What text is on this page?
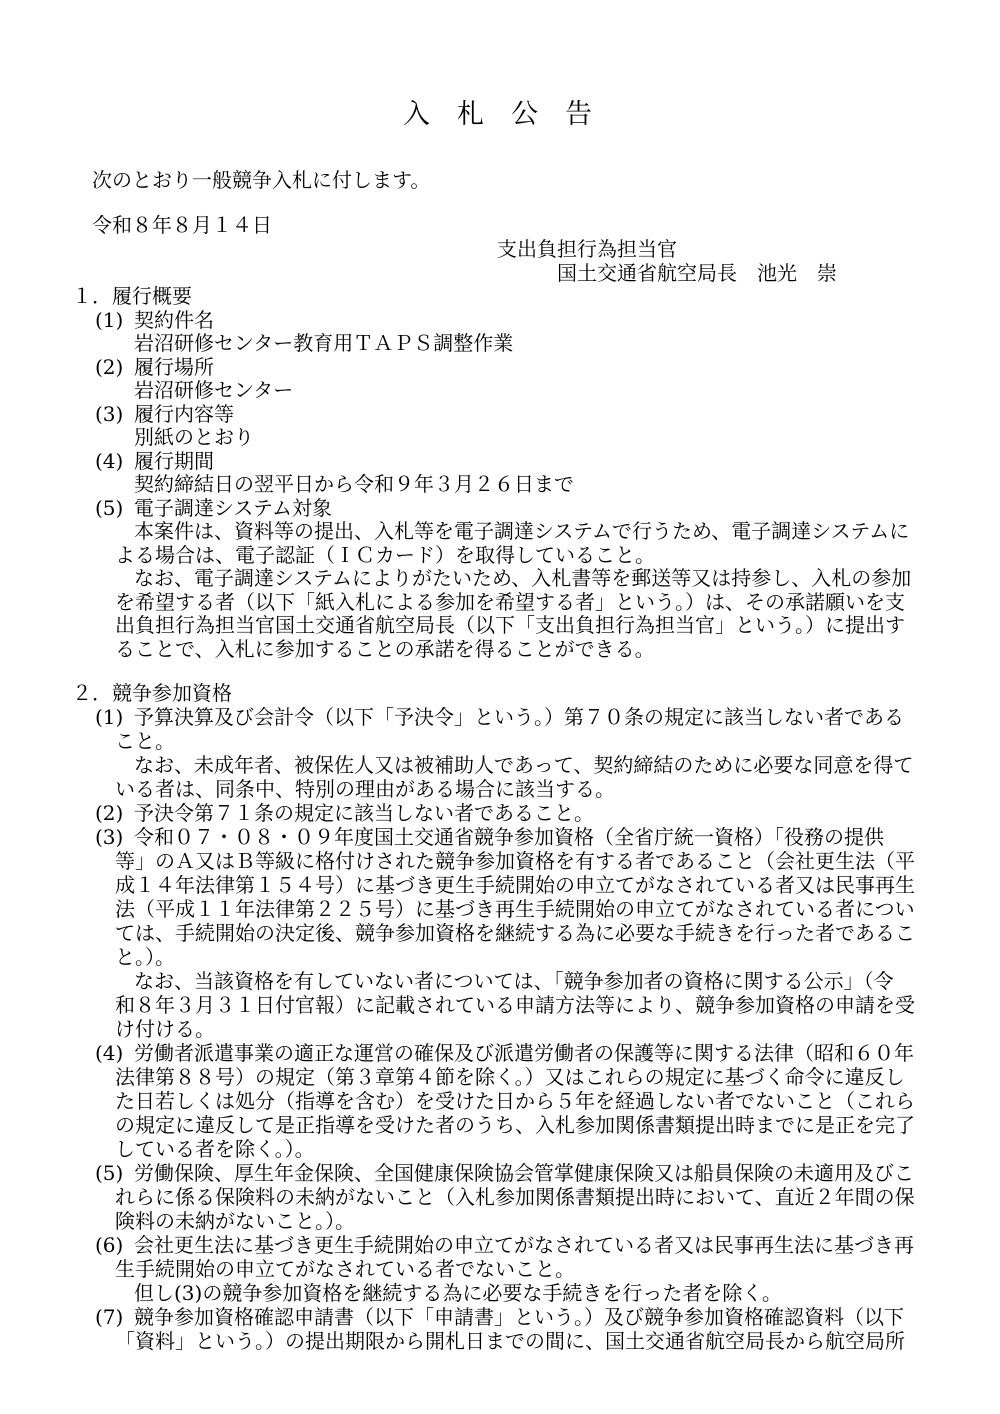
入　札　公　告
次のとおり一般競争入札に付します。
令和８年８月１４日
支出負担行為担当官
国土交通省航空局長　池光　崇
１．履行概要
(1) 契約件名
岩沼研修センター教育用ＴＡＰＳ調整作業
(2) 履行場所
岩沼研修センター
(3) 履行内容等
別紙のとおり
(4) 履行期間
契約締結日の翌平日から令和９年３月２６日まで
(5) 電子調達システム対象
本案件は、資料等の提出、入札等を電子調達システムで行うため、電子調達システムに
よる場合は、電子認証（ＩＣカード）を取得していること。
なお、電子調達システムによりがたいため、入札書等を郵送等又は持参し、入札の参加
を希望する者（以下「紙入札による参加を希望する者」という。）は、その承諾願いを支
出負担行為担当官国土交通省航空局長（以下「支出負担行為担当官」という。）に提出す
ることで、入札に参加することの承諾を得ることができる。
２．競争参加資格
(1) 予算決算及び会計令（以下「予決令」という。）第７０条の規定に該当しない者である
こと。
なお、未成年者、被保佐人又は被補助人であって、契約締結のために必要な同意を得て
いる者は、同条中、特別の理由がある場合に該当する。
(2) 予決令第７１条の規定に該当しない者であること。
(3) 令和０７・０８・０９年度国土交通省競争参加資格（全省庁統一資格）「役務の提供
等」のＡ又はＢ等級に格付けされた競争参加資格を有する者であること（会社更生法（平
成１４年法律第１５４号）に基づき更生手続開始の申立てがなされている者又は民事再生
法（平成１１年法律第２２５号）に基づき再生手続開始の申立てがなされている者につい
ては、手続開始の決定後、競争参加資格を継続する為に必要な手続きを行った者であるこ
と。）。
なお、当該資格を有していない者については、「競争参加者の資格に関する公示」（令
和８年３月３１日付官報）に記載されている申請方法等により、競争参加資格の申請を受
け付ける。
(4) 労働者派遣事業の適正な運営の確保及び派遣労働者の保護等に関する法律（昭和６０年
法律第８８号）の規定（第３章第４節を除く。）又はこれらの規定に基づく命令に違反し
た日若しくは処分（指導を含む）を受けた日から５年を経過しない者でないこと（これら
の規定に違反して是正指導を受けた者のうち、入札参加関係書類提出時までに是正を完了
している者を除く。）。
(5) 労働保険、厚生年金保険、全国健康保険協会管掌健康保険又は船員保険の未適用及びこ
れらに係る保険料の未納がないこと（入札参加関係書類提出時において、直近２年間の保
険料の未納がないこと。）。
(6) 会社更生法に基づき更生手続開始の申立てがなされている者又は民事再生法に基づき再
生手続開始の申立てがなされている者でないこと。
但し(3)の競争参加資格を継続する為に必要な手続きを行った者を除く。
(7) 競争参加資格確認申請書（以下「申請書」という。）及び競争参加資格確認資料（以下
「資料」という。）の提出期限から開札日までの間に、国土交通省航空局長から航空局所
